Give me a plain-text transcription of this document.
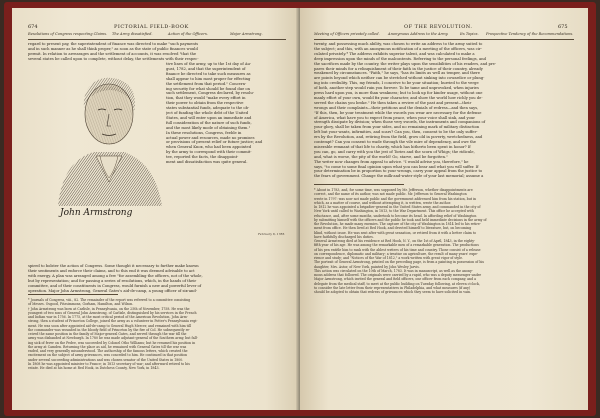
674	PICTORIAL FIELD-BOOK
Resolutions of Congress respecting Claims. The Army dissatisfied.	Action of the Officers.	Major Armstrong.
regard to present pay, the superintendent of finance was directed to make "such payments
and in such manner as he shall think proper," as soon as the state of public finances would
permit. In relation to arrearages and the settlement of accounts, it was resolved "that the
several states be called upon to complete, without delay, the settlements with their respec-
tive lines of the army, up to the 1st day of Au-
gust, 1782, and that the superintendent of
finance be directed to take such measures as
shall appear to him most proper for effecting
the settlement from that period." Concern-
ing security for what should be found due on
such settlement, Congress declared, by resolu-
tion, that they would "make every effort in
their power to obtain from the respective
states substantial funds, adequate to the ob-
ject of funding the whole debt of the United
States, and will enter upon an immediate and
full consideration of the nature of such funds,
and the most likely mode of obtaining them."
In these resolutions, Congress, feeble in
actual power and resources, made no promises
or provisions of present relief or future justice; and
when General Knox, who had been appointed
by the army to correspond with their commit-
tee, reported the facts, the disappoint-
ment and dissatisfaction was quite general.
John Armstrong
February 6, 1783.
spired to bolster the action of Congress. Some thought it necessary to further make known
their sentiments and enforce their claims, and to this end it was deemed advisable to act
with energy. A plan was arranged among a few "for assembling the officers, not of the whole,
but by representation; and for passing a series of resolutions, which, in the hands of their
committee, and of their constituents in Congress, would furnish a new and powerful lever of
operation. Major John Armstrong, General Gates's aid-de-camp, a young officer of six-and-
* Journals of Congress, viii., 82. The remainder of the report was referred to a committee consisting
of Messrs. Osgood, Fitzsimmons, Gorham, Hamilton, and Wilson.
† John Armstrong was born at Carlisle, in Pennsylvania, on the 25th of November, 1758. He was the
youngest of two sons of General John Armstrong, of Carlisle, distinguished by his services in the French
and Indian war in 1756. In 1775, at the most critical period of the American Revolution, John Arm-
strong, then a student of Princeton College, joined the army as a volunteer in Potter's Pennsylvania regi-
ment. He was soon after appointed aid-de-camp to General Hugh Mercer, and remained with him till
the commander was wounded in the bloody field of Princeton by the fire of Col. He subsequently re-
ceived the same position in the family of Major-general Gates, and served through the war till the
army was disbanded at Newburgh. In 1780 he was made adjutant-general of the Southern army, but fall-
ing sick of fever on the Pedee, was succeeded by Colonel Otho Williams; but he resumed his position in
the army at Camden. Returning the place as aid, he remained with General Gates till the war was
ended, and very generally misunderstood. The authorship of the famous letters, which created the
excitement on the subject of army grievances, was conceded to him. He continued in that position
under several succeeding administrations and was chosen senator of the United States in 1800.
In 1808 he was appointed minister to France; in 1813 secretary of war; and afterward retired to his
estate. He died at his home at Red Hook, in Dutchess County, New York, in 1843.
OF THE REVOLUTION.	675
Meeting of Officers privately called. Anonymous Address to the Army.	Its Topics. Prospective Tendency of the Recommendations.
twenty, and possessing much ability, was chosen to write an address to the army suited to
the subject; and this, with an anonymous notification of a meeting of the officers, was cir-
culated privately.* The address exhibits superior talent, and was calculated to make a
deep impression upon the minds of the malcontents. Referring to the personal feelings, and
the sacrifices made by the country, the writer plays upon the sensibilities of his readers, and pre-
pares their minds for a relinquishment of their faith in the justice of their country, already
weakened by circumstances. "Faith," he says, "has its limits as well as temper, and there
are points beyond which neither can be stretched without sinking into cowardice or plung-
ing into crediulity. This, my friends, I conceive to be your situation; hurried to the verge
of both, another step would ruin you forever. To be tame and unprovoked, when injuries
press hard upon you, is more than weakness; but to look up for kinder usage, without one
manly effort of your own, would fix your character, and show the world how richly you de-
served the chains you broke." He then takes a review of the past and present—their
wrongs and their complaints—their petitions and the denials of redress—and then says,
"If this, then, be your treatment while the swords you wear are necessary for the defense
of America, what have you to expect from peace, when your voice shall sink, and your
strength dissipate by division; when those very swords, the instruments and companions of
your glory, shall be taken from your sides, and no remaining mark of military distinction
left but your wants, infirmities, and scars? Can you, then, consent to be the only suffer-
ers by the Revolution, and, retiring from the field, grow old in poverty, wretchedness, and
contempt? Can you consent to wade through the vile mire of dependency, and owe the
miserable remnant of that life to charity, which has hitherto been spent in honor? If
you can, go, and carry with you the jest of Tories and the scorn of Whigs; the ridicule,
and, what is worse, the pity of the world! Go, starve, and be forgotten."
The writer now changes from appeal to advice. "I would advise you, therefore," he
says, "to come to some final opinion upon what you can bear and what you will suffer. If
your determination be in proportion to your wrongs, carry your appeal from the justice to
the fears of government. Change the milk-and-water style of your last memorial; assume a
* About in 1783, and, for some time, was supposed by Mr. Jefferson, whether disappointments are
correct, and the name of its author, was not made public. Mr. Jefferson to General Washington
wrote in 1797: was now not made public and the government addressed him from his station, but in
which, as a matter of course, and without attempting it, is written, wrote the author.
In 1812 he was appointed a brigadier-general in the United States army, and commanded in the city of
New York until called to Washington, in 1813, to the War Department. This office he accepted with
reluctance, and, after some months, undertook to become its head. In affording relief of Washington
by submitting himself with the officers and the public he took and held immediate decisions in the army of
the Revolution, he made many enemies. The capture of the city of Washington in 1814 led to his retire-
ment from office. He then lived at Red Hook, and devoted himself to literature, but, on becoming
blind, without issue. He was sent after with great sensation, or retired from it with a better claim to
have faithfully discharged his duties.
General Armstrong died at his residence at Red Hook, N. Y., on the 1st of April, 1843, in the eighty-
fifth year of his age. He was among the remarkable men of a remarkable generation. The productions
of his pen entitle him to rank with the ablest writers of his time and country. Those consist of a release
on correspondence, diplomatic and military; a treatise on agriculture, the result of many years' expe-
rience and study; and "Notices of the War of 1812," a work written with great vigor of style.
The portrait of General Armstrong, printed on the preceding page, is from a painting in possession of his
daughter, Mrs. Astor, of New York, painted by John Wesley Jarvis.
This action was circulated on the 10th of March, 1783. It was in manuscript, as well as the anony-
mous address that followed. The originals were carried by a rapid, who was a deputy messenger under
Major Armstrong, which invited the general and field officers, one officer from each company, and a
delegate from the medical staff, to meet at the public building on Tuesday following, at eleven o'clock,
to consider the late letter from their representatives in Philadelphia, and what measures (if any)
should be adopted to obtain that redress of grievances which they seem to have solicited in vain.
